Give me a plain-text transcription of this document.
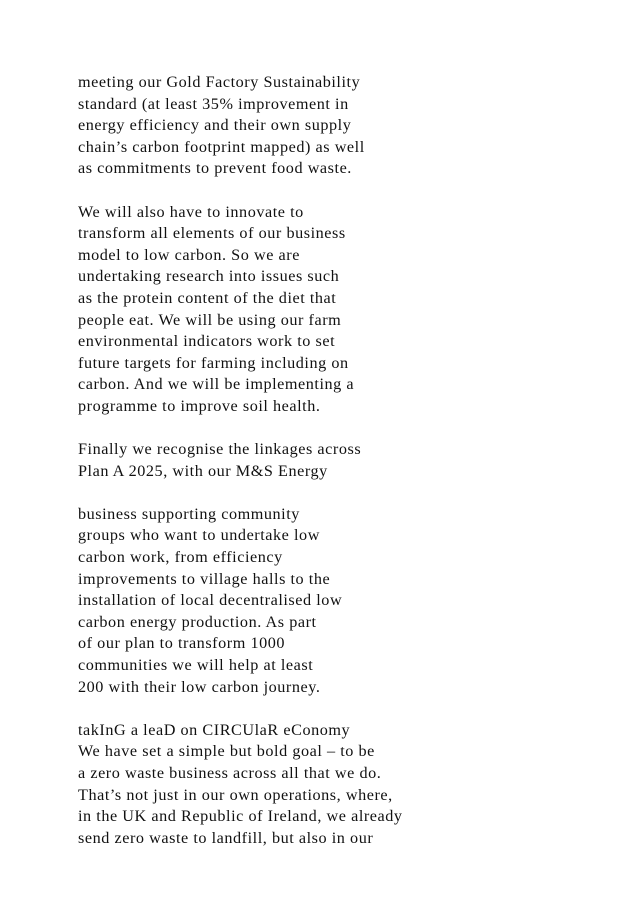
meeting our Gold Factory Sustainability
standard (at least 35% improvement in
energy efficiency and their own supply
chain’s carbon footprint mapped) as well
as commitments to prevent food waste.
We will also have to innovate to
transform all elements of our business
model to low carbon. So we are
undertaking research into issues such
as the protein content of the diet that
people eat. We will be using our farm
environmental indicators work to set
future targets for farming including on
carbon. And we will be implementing a
programme to improve soil health.
Finally we recognise the linkages across
Plan A 2025, with our M&S Energy
business supporting community
groups who want to undertake low
carbon work, from efficiency
improvements to village halls to the
installation of local decentralised low
carbon energy production. As part
of our plan to transform 1000
communities we will help at least
200 with their low carbon journey.
takInG a leaD on CIRCUlaR eConomy
We have set a simple but bold goal – to be
a zero waste business across all that we do.
That’s not just in our own operations, where,
in the UK and Republic of Ireland, we already
send zero waste to landfill, but also in our
